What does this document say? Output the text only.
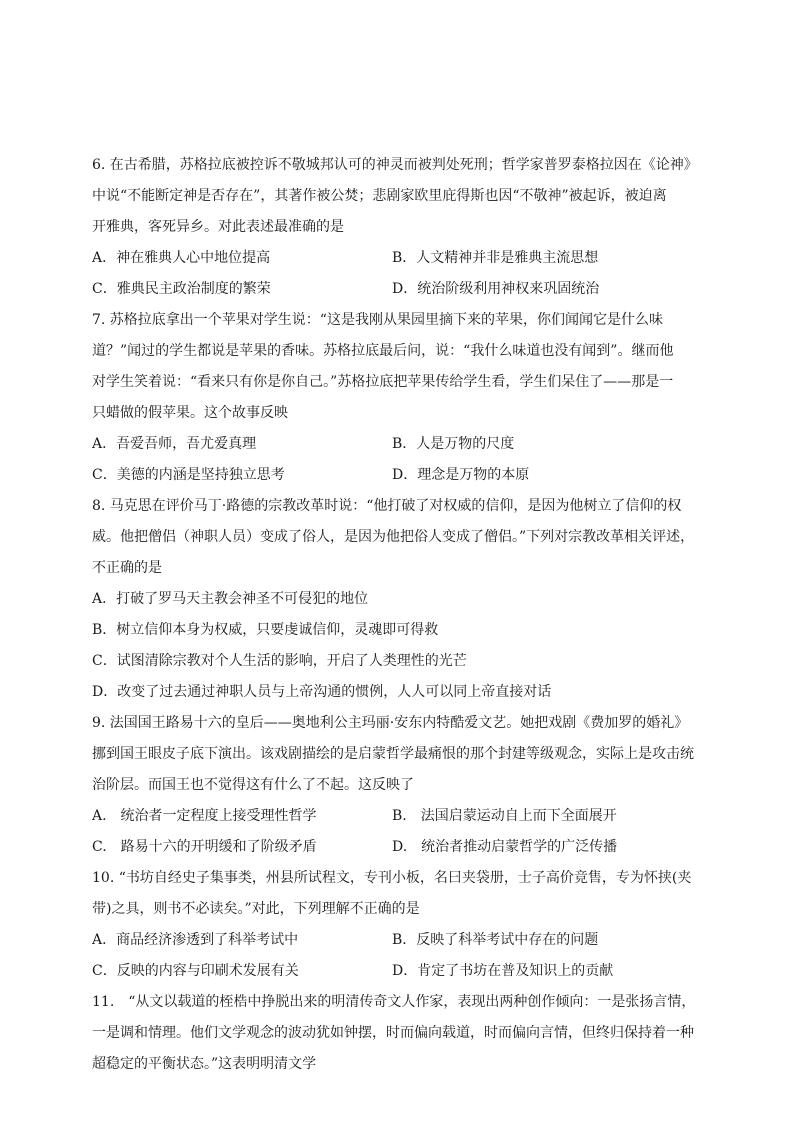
6. 在古希腊，苏格拉底被控诉不敬城邦认可的神灵而被判处死刑；哲学家普罗泰格拉因在《论神》
中说“不能断定神是否存在”，其著作被公焚；悲剧家欧里庇得斯也因“不敬神”被起诉，被迫离
开雅典，客死异乡。对此表述最准确的是
A．神在雅典人心中地位提高	B．人文精神并非是雅典主流思想
C．雅典民主政治制度的繁荣	D．统治阶级利用神权来巩固统治
7. 苏格拉底拿出一个苹果对学生说：“这是我刚从果园里摘下来的苹果，你们闻闻它是什么味
道？”闻过的学生都说是苹果的香味。苏格拉底最后问，说：“我什么味道也没有闻到”。继而他
对学生笑着说：“看来只有你是你自己。”苏格拉底把苹果传给学生看，学生们呆住了——那是一
只蜡做的假苹果。这个故事反映
A．吾爱吾师，吾尤爱真理	B．人是万物的尺度
C．美德的内涵是坚持独立思考	D．理念是万物的本原
8. 马克思在评价马丁·路德的宗教改革时说：“他打破了对权威的信仰，是因为他树立了信仰的权
威。他把僧侣（神职人员）变成了俗人，是因为他把俗人变成了僧侣。”下列对宗教改革相关评述，
不正确的是
A．打破了罗马天主教会神圣不可侵犯的地位
B．树立信仰本身为权威，只要虔诚信仰，灵魂即可得救
C．试图清除宗教对个人生活的影响，开启了人类理性的光芒
D．改变了过去通过神职人员与上帝沟通的惯例，人人可以同上帝直接对话
9. 法国国王路易十六的皇后——奥地利公主玛丽·安东内特酷爱文艺。她把戏剧《费加罗的婚礼》
挪到国王眼皮子底下演出。该戏剧描绘的是启蒙哲学最痛恨的那个封建等级观念，实际上是攻击统
治阶层。而国王也不觉得这有什么了不起。这反映了
A.　统治者一定程度上接受理性哲学	B.　法国启蒙运动自上而下全面展开
C.　路易十六的开明缓和了阶级矛盾	D.　统治者推动启蒙哲学的广泛传播
10. “书坊自经史子集事类，州县所试程文，专刊小板，名曰夹袋册，士子高价竞售，专为怀挟(夹
带)之具，则书不必读矣。”对此，下列理解不正确的是
A．商品经济渗透到了科举考试中	B．反映了科举考试中存在的问题
C．反映的内容与印刷术发展有关	D．肯定了书坊在普及知识上的贡献
11.　“从文以载道的桎梏中挣脱出来的明清传奇文人作家，表现出两种创作倾向：一是张扬言情，
一是调和情理。他们文学观念的波动犹如钟摆，时而偏向载道，时而偏向言情，但终归保持着一种
超稳定的平衡状态。”这表明明清文学
